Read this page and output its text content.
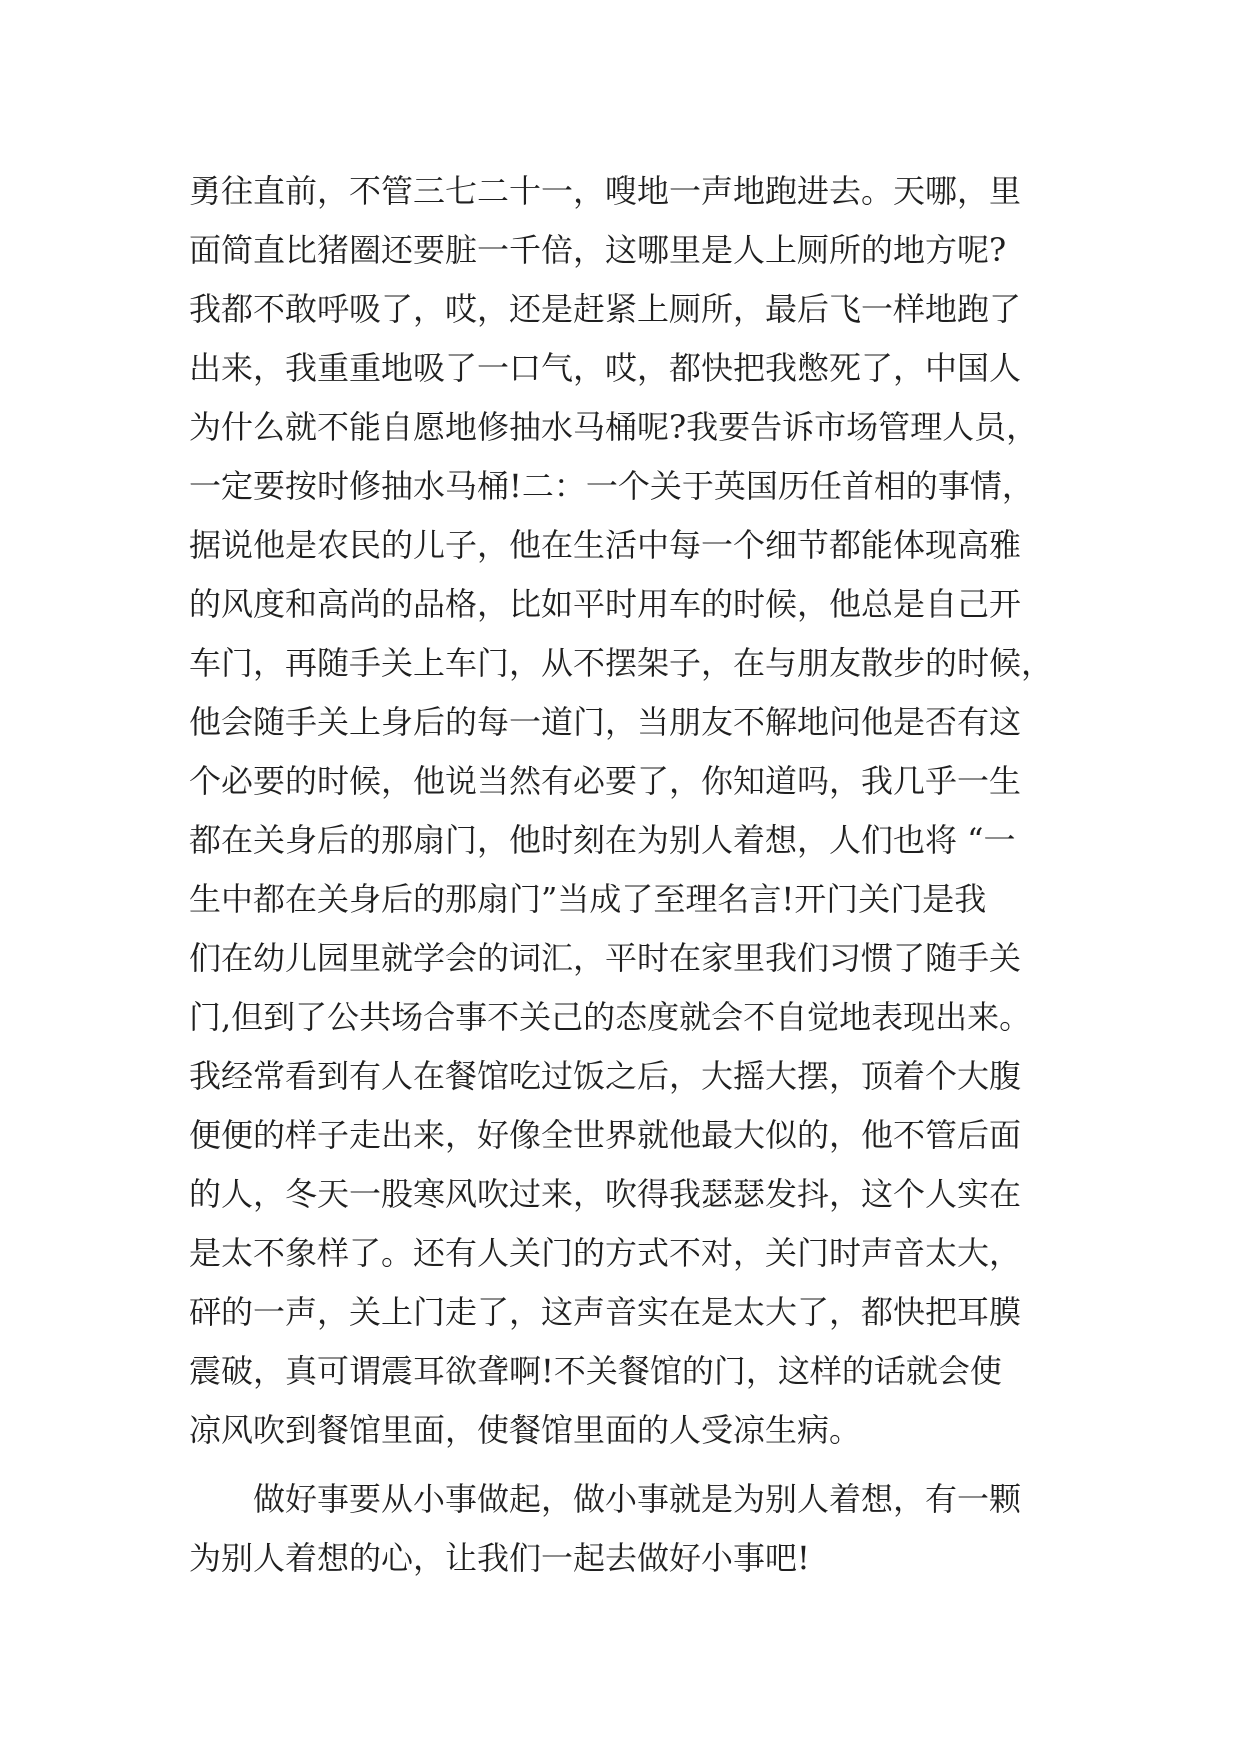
勇往直前，不管三七二十一，嗖地一声地跑进去。天哪，里
面简直比猪圈还要脏一千倍，这哪里是人上厕所的地方呢?
我都不敢呼吸了，哎，还是赶紧上厕所，最后飞一样地跑了
出来，我重重地吸了一口气，哎，都快把我憋死了，中国人
为什么就不能自愿地修抽水马桶呢?我要告诉市场管理人员，
一定要按时修抽水马桶!二：一个关于英国历任首相的事情，
据说他是农民的儿子，他在生活中每一个细节都能体现高雅
的风度和高尚的品格，比如平时用车的时候，他总是自己开
车门，再随手关上车门，从不摆架子，在与朋友散步的时候，
他会随手关上身后的每一道门，当朋友不解地问他是否有这
个必要的时候，他说当然有必要了，你知道吗，我几乎一生
都在关身后的那扇门，他时刻在为别人着想，人们也将 “一
生中都在关身后的那扇门”当成了至理名言!开门关门是我
们在幼儿园里就学会的词汇，平时在家里我们习惯了随手关
门,但到了公共场合事不关己的态度就会不自觉地表现出来。
我经常看到有人在餐馆吃过饭之后，大摇大摆，顶着个大腹
便便的样子走出来，好像全世界就他最大似的，他不管后面
的人，冬天一股寒风吹过来，吹得我瑟瑟发抖，这个人实在
是太不象样了。还有人关门的方式不对，关门时声音太大，
砰的一声，关上门走了，这声音实在是太大了，都快把耳膜
震破，真可谓震耳欲聋啊!不关餐馆的门，这样的话就会使
凉风吹到餐馆里面，使餐馆里面的人受凉生病。
做好事要从小事做起，做小事就是为别人着想，有一颗
为别人着想的心，让我们一起去做好小事吧!
